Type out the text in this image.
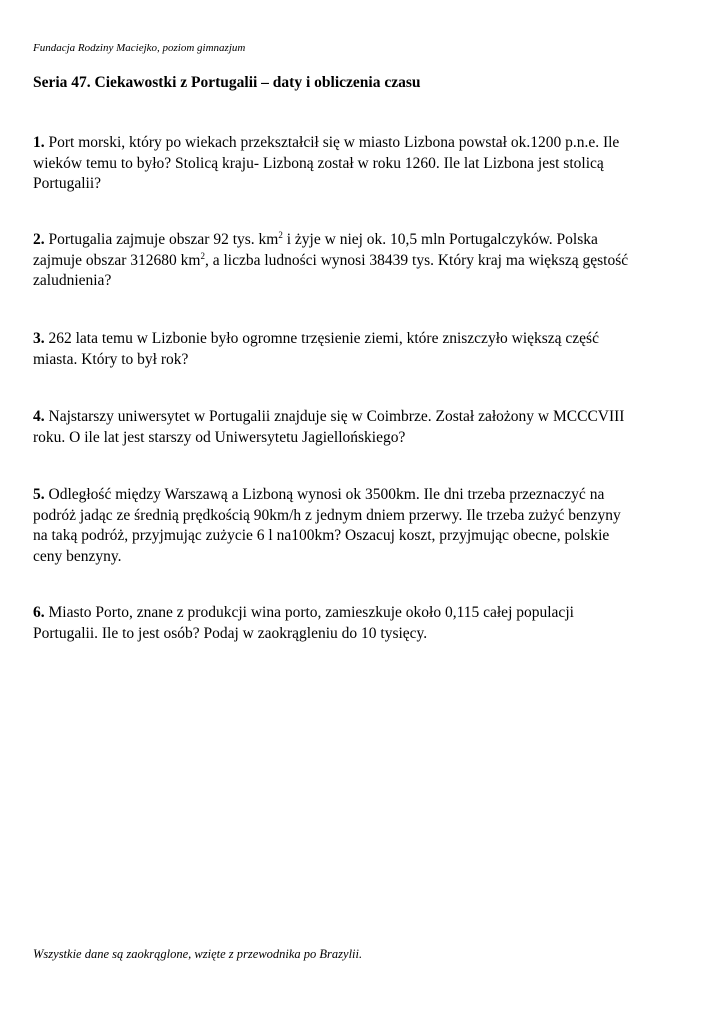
Fundacja Rodziny Maciejko, poziom gimnazjum
Seria 47. Ciekawostki z Portugalii – daty i obliczenia czasu

1. Port morski, który po wiekach przekształcił się w miasto Lizbona powstał ok.1200 p.n.e. Ile
wieków temu to było? Stolicą kraju- Lizboną został w roku 1260. Ile lat Lizbona jest stolicą
Portugalii?

2. Portugalia zajmuje obszar 92 tys. $km^2$ i żyje w niej ok. 10,5 mln Portugalczyków. Polska
zajmuje obszar 312680 $km^2$, a liczba ludności wynosi 38439 tys. Który kraj ma większą gęstość
zaludnienia?

3. 262 lata temu w Lizbonie było ogromne trzęsienie ziemi, które zniszczyło większą część
miasta. Który to był rok?

4. Najstarszy uniwersytet w Portugalii znajduje się w Coimbrze. Został założony w MCCCVIII
roku. O ile lat jest starszy od Uniwersytetu Jagiellońskiego?

5. Odległość między Warszawą a Lizboną wynosi ok 3500km. Ile dni trzeba przeznaczyć na
podróż jadąc ze średnią prędkością 90km/h z jednym dniem przerwy. Ile trzeba zużyć benzyny
na taką podróż, przyjmując zużycie 6 l na100km? Oszacuj koszt, przyjmując obecne, polskie
ceny benzyny.

6. Miasto Porto, znane z produkcji wina porto, zamieszkuje około 0,115 całej populacji
Portugalii. Ile to jest osób? Podaj w zaokrągleniu do 10 tysięcy.

Wszystkie dane są zaokrąglone, wzięte z przewodnika po Brazylii.
